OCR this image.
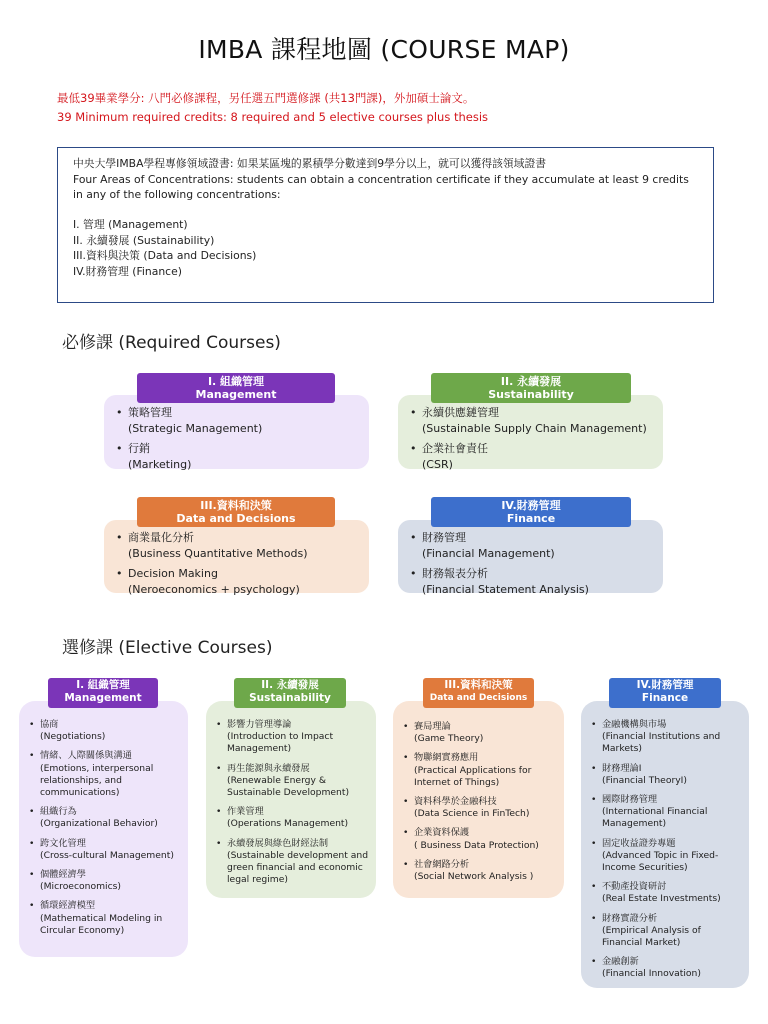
IMBA 課程地圖 (COURSE MAP)
最低39畢業學分: 八門必修課程，另任選五門選修課 (共13門課)，外加碩士論文。
39 Minimum required credits: 8 required and 5 elective courses plus thesis

中央大學IMBA學程專修領域證書: 如果某區塊的累積學分數達到9學分以上，就可以獲得該領域證書

Four Areas of Concentrations: students can obtain a concentration certificate if they accumulate at least 9 credits in any of the following concentrations:

I. 管理 (Management)

II. 永續發展 (Sustainability)

III.資料與決策 (Data and Decisions)

IV.財務管理 (Finance)

必修課 (Required Courses)
• 策略管理
(Strategic Management)
• 行銷
(Marketing)
I. 組織管理
Management
• 永續供應鏈管理
(Sustainable Supply Chain Management)
• 企業社會責任
(CSR)
II. 永續發展
Sustainability
• 商業量化分析
(Business Quantitative Methods)
• Decision Making
(Neroeconomics + psychology)
III.資料和決策
Data and Decisions
• 財務管理
(Financial Management)
• 財務報表分析
(Financial Statement Analysis)
IV.財務管理
Finance
選修課 (Elective Courses)
• 協商
(Negotiations)
• 情緒、人際關係與溝通
(Emotions, interpersonal relationships, and communications)
• 組織行為
(Organizational Behavior)
• 跨文化管理
(Cross-cultural Management)
• 個體經濟學
(Microeconomics)
• 循環經濟模型
(Mathematical Modeling in Circular Economy)
I. 組織管理
Management
• 影響力管理導論
(Introduction to Impact Management)
• 再生能源與永續發展
(Renewable Energy & Sustainable Development)
• 作業管理
(Operations Management)
• 永續發展與綠色財經法制
(Sustainable development and green financial and economic legal regime)
II. 永續發展
Sustainability
• 賽局理論
(Game Theory)
• 物聯網實務應用
(Practical Applications for Internet of Things)
• 資料科學於金融科技
(Data Science in FinTech)
• 企業資料保護
( Business Data Protection)
• 社會網路分析
(Social Network Analysis )
III.資料和決策
Data and Decisions
• 金融機構與市場
(Financial Institutions and Markets)
• 財務理論Ⅰ
(Financial TheoryⅠ)
• 國際財務管理
(International Financial Management)
• 固定收益證券專題
(Advanced Topic in Fixed-Income Securities)
• 不動產投資研討
(Real Estate Investments)
• 財務實證分析
(Empirical Analysis of Financial Market)
• 金融創新
(Financial Innovation)
IV.財務管理
Finance
